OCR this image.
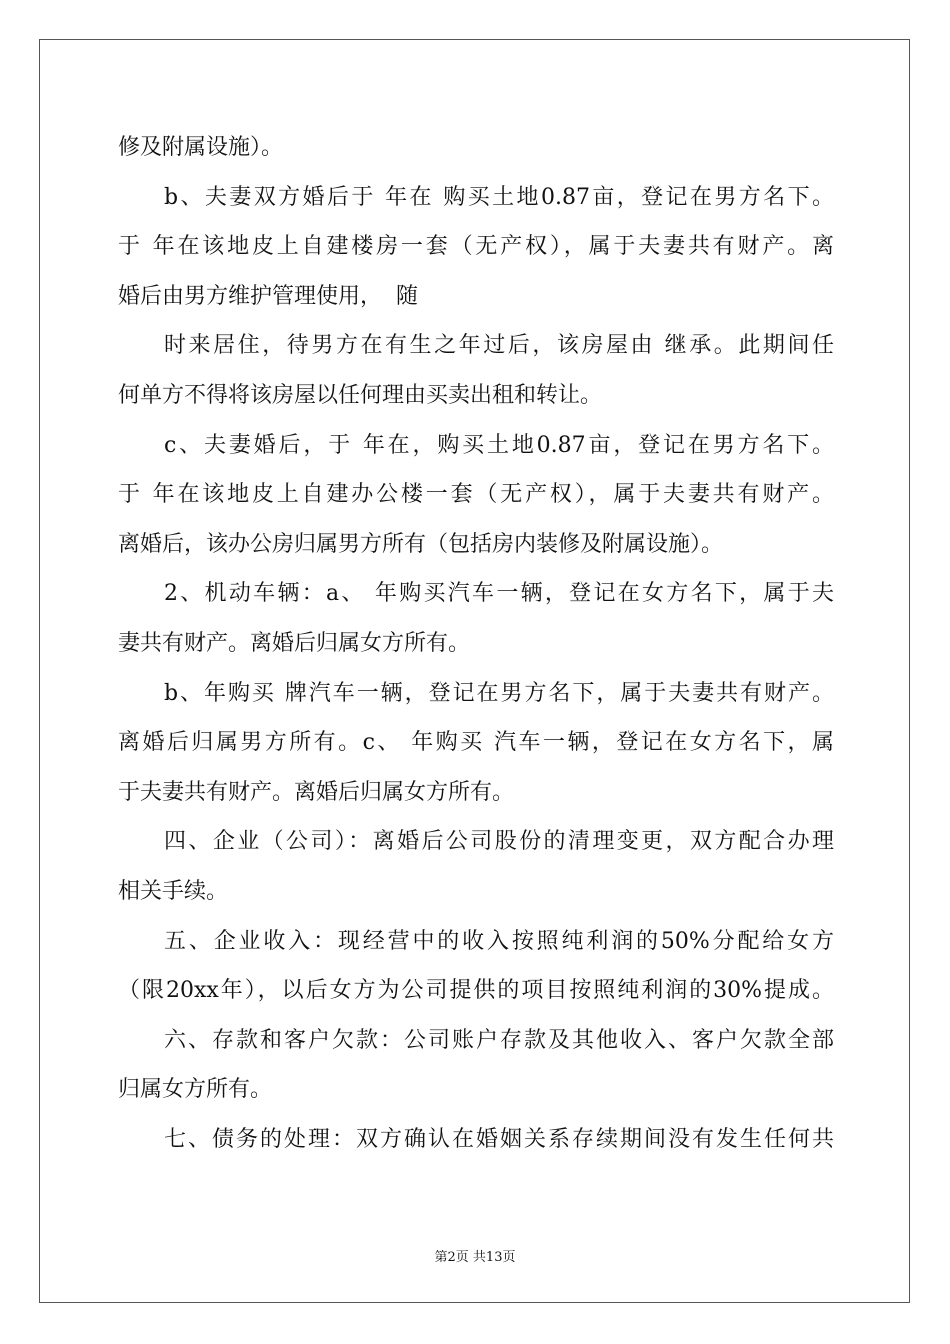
修及附属设施）。
b、夫妻双方婚后于 年在 购买土地0.87亩，登记在男方名下。
于 年在该地皮上自建楼房一套（无产权），属于夫妻共有财产。离
婚后由男方维护管理使用，  随
时来居住，待男方在有生之年过后，该房屋由 继承。此期间任
何单方不得将该房屋以任何理由买卖出租和转让。
c、夫妻婚后，于 年在，购买土地0.87亩，登记在男方名下。
于 年在该地皮上自建办公楼一套（无产权），属于夫妻共有财产。
离婚后，该办公房归属男方所有（包括房内装修及附属设施）。
2、机动车辆：a、 年购买汽车一辆，登记在女方名下，属于夫
妻共有财产。离婚后归属女方所有。
b、年购买 牌汽车一辆，登记在男方名下，属于夫妻共有财产。
离婚后归属男方所有。c、 年购买 汽车一辆，登记在女方名下，属
于夫妻共有财产。离婚后归属女方所有。
四、企业（公司）：离婚后公司股份的清理变更，双方配合办理
相关手续。
五、企业收入：现经营中的收入按照纯利润的50%分配给女方
（限20xx年），以后女方为公司提供的项目按照纯利润的30%提成。
六、存款和客户欠款：公司账户存款及其他收入、客户欠款全部
归属女方所有。
七、债务的处理：双方确认在婚姻关系存续期间没有发生任何共
第2页 共13页
